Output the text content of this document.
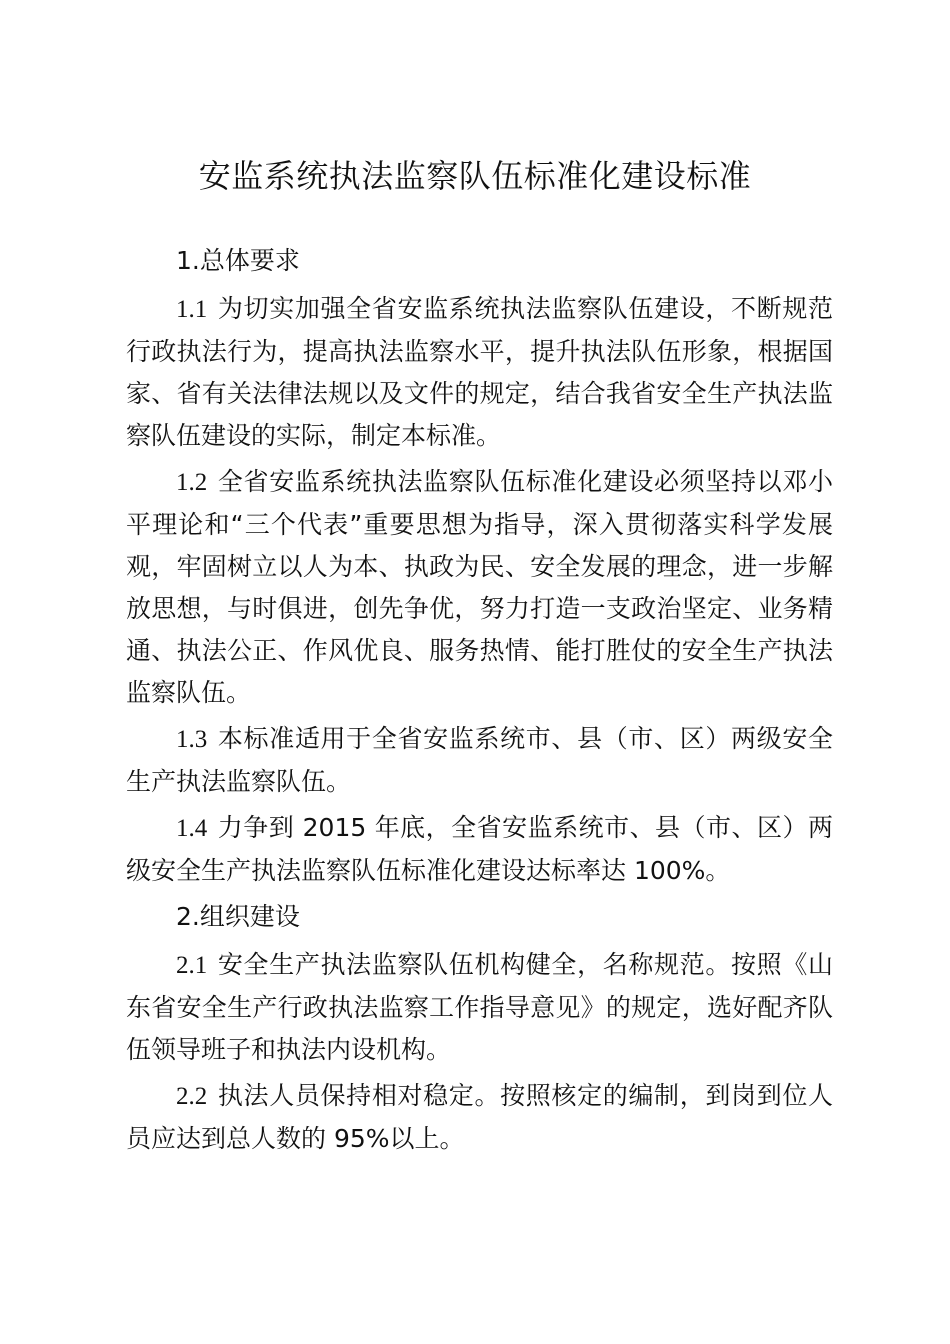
安监系统执法监察队伍标准化建设标准

1.总体要求

1.1 为切实加强全省安监系统执法监察队伍建设，不断规范行政执法行为，提高执法监察水平，提升执法队伍形象，根据国家、省有关法律法规以及文件的规定，结合我省安全生产执法监察队伍建设的实际，制定本标准。

1.2 全省安监系统执法监察队伍标准化建设必须坚持以邓小平理论和“三个代表”重要思想为指导，深入贯彻落实科学发展观，牢固树立以人为本、执政为民、安全发展的理念，进一步解放思想，与时俱进，创先争优，努力打造一支政治坚定、业务精通、执法公正、作风优良、服务热情、能打胜仗的安全生产执法监察队伍。

1.3 本标准适用于全省安监系统市、县（市、区）两级安全生产执法监察队伍。

1.4 力争到 2015 年底，全省安监系统市、县（市、区）两级安全生产执法监察队伍标准化建设达标率达 100%。

2.组织建设

2.1 安全生产执法监察队伍机构健全，名称规范。按照《山东省安全生产行政执法监察工作指导意见》的规定，选好配齐队伍领导班子和执法内设机构。

2.2 执法人员保持相对稳定。按照核定的编制，到岗到位人员应达到总人数的 95%以上。
